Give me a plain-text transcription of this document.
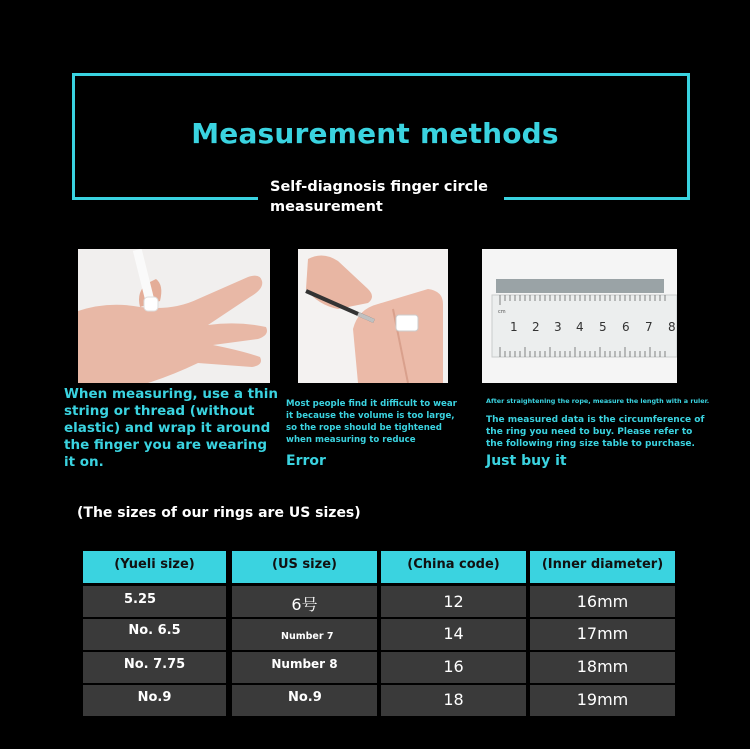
Measurement methods
Self-diagnosis finger circle measurement
cm
1 2 3 4 5 6 7 8
When measuring, use a thin string or thread (without elastic) and wrap it around the finger you are wearing it on.
Most people find it difficult to wear it because the volume is too large, so the rope should be tightened when measuring to reduce
Error
After straightening the rope, measure the length with a ruler.
The measured data is the circumference of the ring you need to buy. Please refer to the following ring size table to purchase.
Just buy it
(The sizes of our rings are US sizes)
(Yueli size)	(US size)	(China code)	(Inner diameter)
5.25	6号	12	16mm
No. 6.5	Number 7	14	17mm
No. 7.75	Number 8	16	18mm
No.9	No.9	18	19mm
